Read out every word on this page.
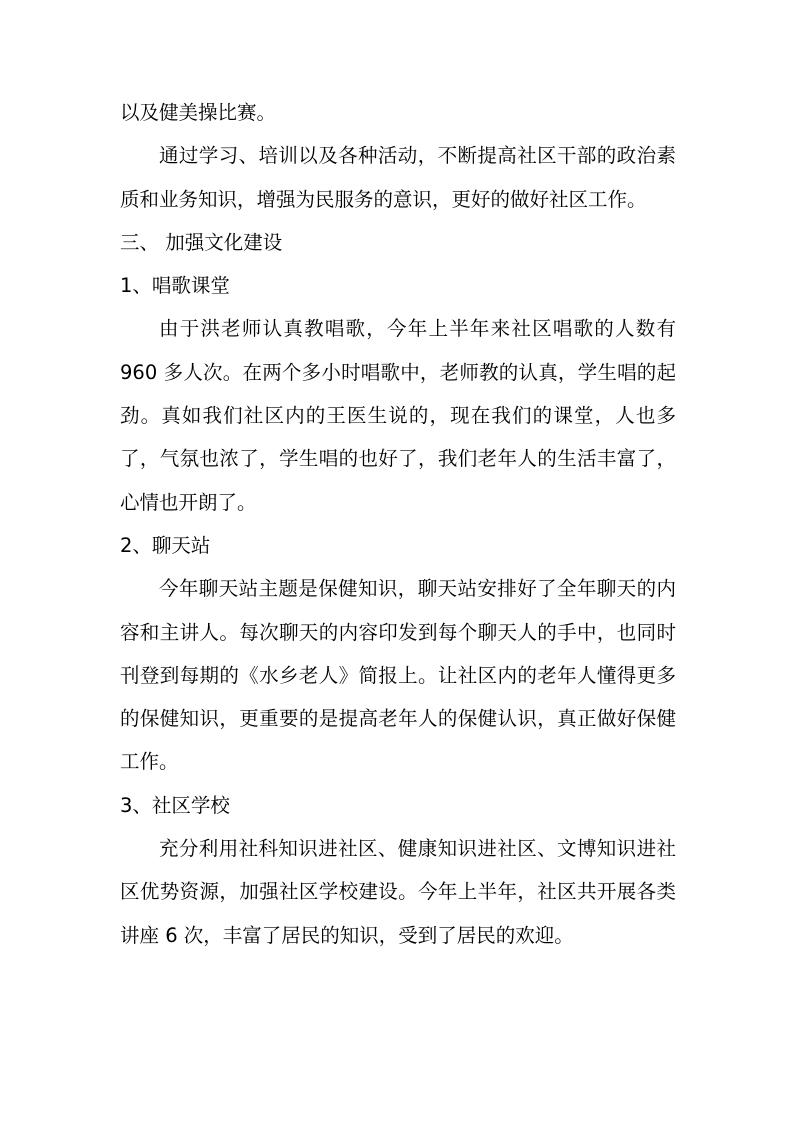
以及健美操比赛。

通过学习、培训以及各种活动，不断提高社区干部的政治素质和业务知识，增强为民服务的意识，更好的做好社区工作。

三、 加强文化建设

1、唱歌课堂

由于洪老师认真教唱歌，今年上半年来社区唱歌的人数有 960 多人次。在两个多小时唱歌中，老师教的认真，学生唱的起劲。真如我们社区内的王医生说的，现在我们的课堂，人也多了，气氛也浓了，学生唱的也好了，我们老年人的生活丰富了，心情也开朗了。

2、聊天站

今年聊天站主题是保健知识，聊天站安排好了全年聊天的内容和主讲人。每次聊天的内容印发到每个聊天人的手中，也同时刊登到每期的《水乡老人》简报上。让社区内的老年人懂得更多的保健知识，更重要的是提高老年人的保健认识，真正做好保健工作。

3、社区学校

充分利用社科知识进社区、健康知识进社区、文博知识进社区优势资源，加强社区学校建设。今年上半年，社区共开展各类讲座 6 次，丰富了居民的知识，受到了居民的欢迎。
